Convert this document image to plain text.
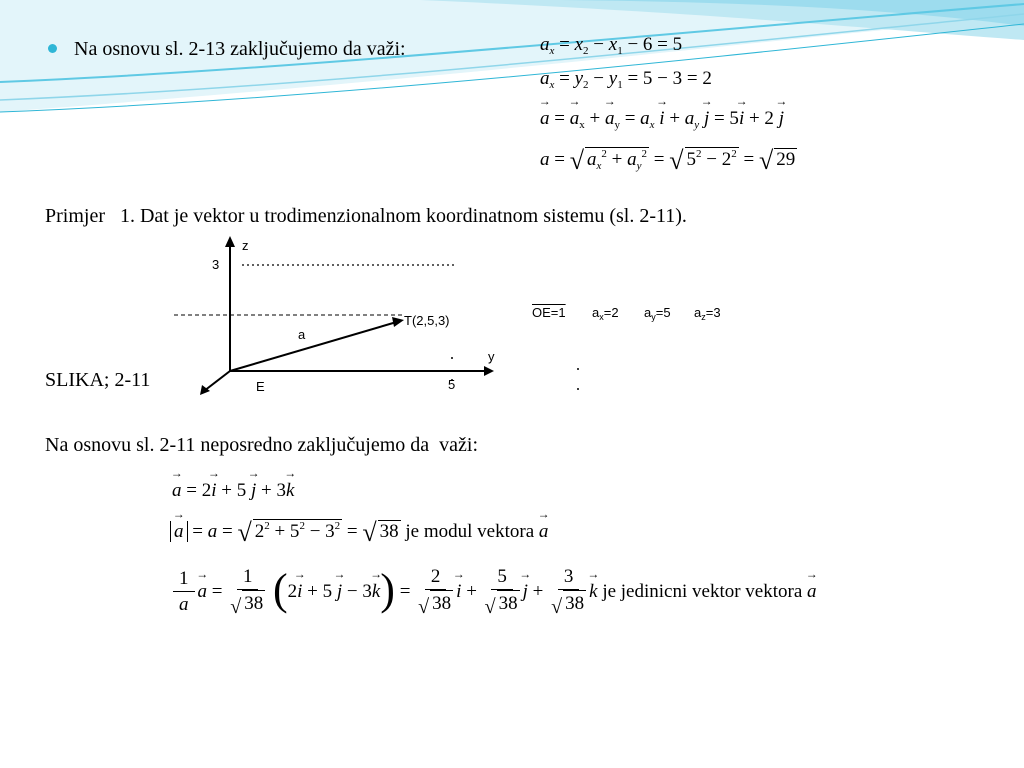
Na osnovu sl. 2-13 zaključujemo da važi:	$a_x = x_2 - x_1 - 6 = 5$
$a_x = y_2 - y_1 = 5 - 3 = 2$
→ a = → $a_x$ + → $a_y = a_x \to i + a_y \to j = 5\to i + 2 \to j$
a = √ $a_x^2 + a_y^2$ = √ $5^2 - 2^2$ = √ 29
Primjer   1. Dat je vektor u trodimenzionalnom koordinatnom sistemu (sl. 2-11).
z
3
T(2,5,3)
a
y
E	5
OE=1 $a_x=2$ $a_y=5$ $a_z=3$
SLIKA; 2-11
Na osnovu sl. 2-11 neposredno zaključujemo da  važi:
→ a = 2→ i + 5 → j + 3→ k
→ a = a = √ $2^2 + 5^2 - 3^2$ = √ 38 je modul vektora → a
$\frac{1}{a} \to a = \frac{1}{√ 38} (2\to i + 5 \to j - 3\to k) = \frac{2}{√ 38} \to i + \frac{5}{√ 38} \to j + \frac{3}{√ 38} \to k$ je jedinicni vektor vektora → a
